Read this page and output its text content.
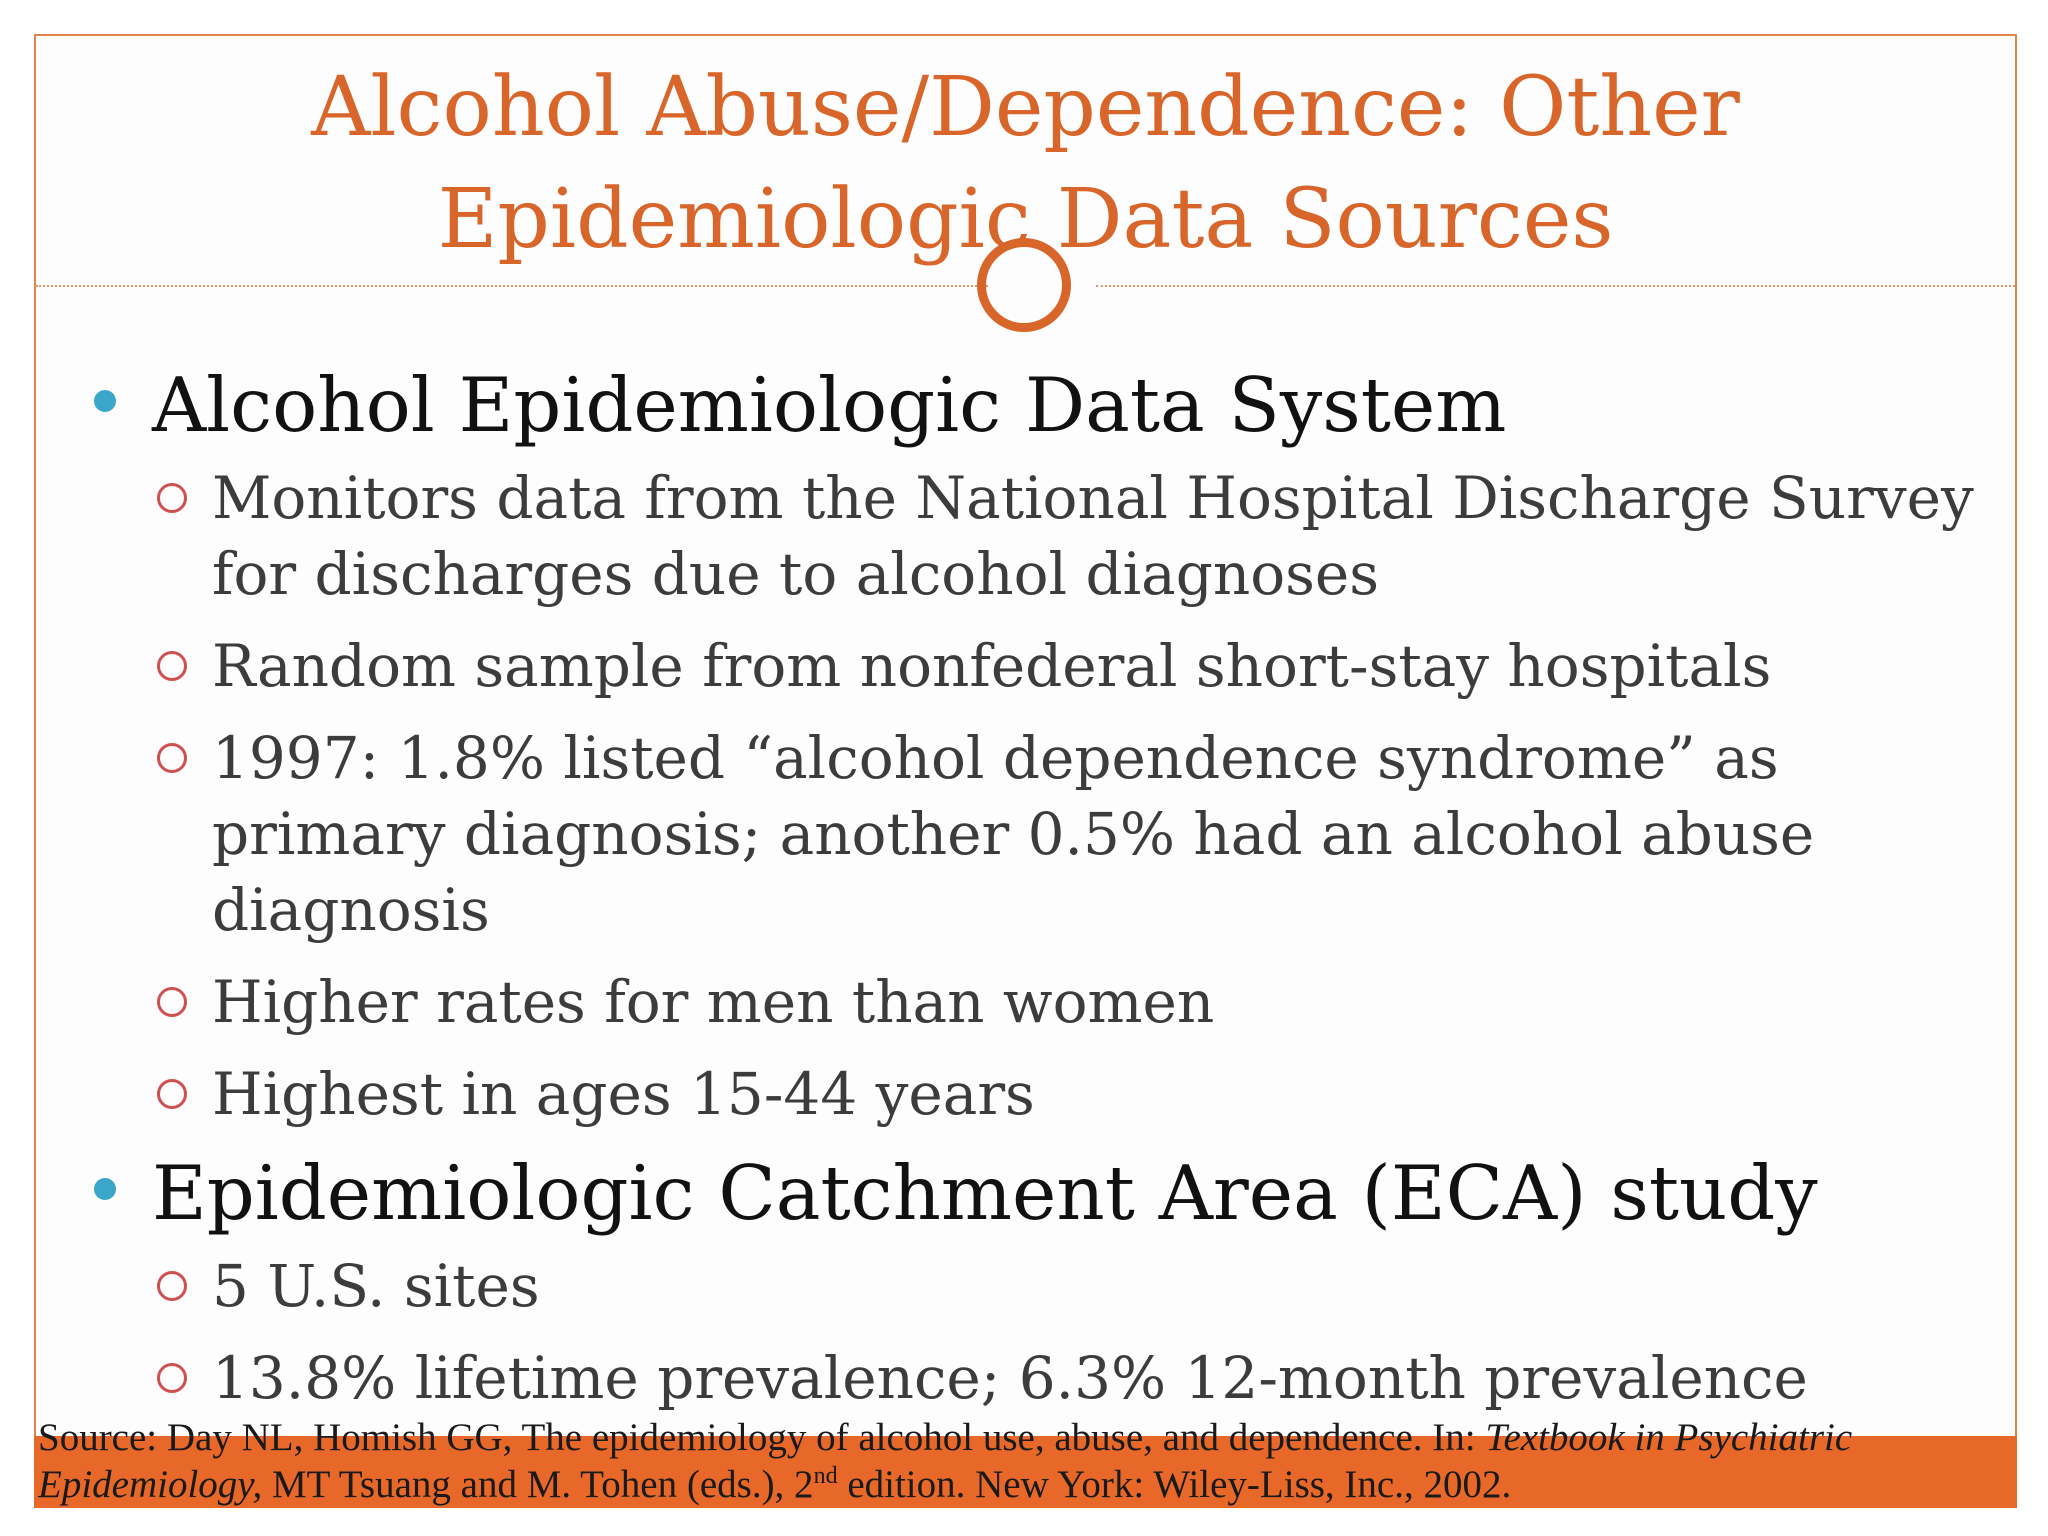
Alcohol Abuse/Dependence: Other
Epidemiologic Data Sources
Alcohol Epidemiologic Data System
Monitors data from the National Hospital Discharge Survey for discharges due to alcohol diagnoses
Random sample from nonfederal short-stay hospitals
1997: 1.8% listed “alcohol dependence syndrome” as primary diagnosis; another 0.5% had an alcohol abuse diagnosis
Higher rates for men than women
Highest in ages 15-44 years
Epidemiologic Catchment Area (ECA) study
5 U.S. sites
13.8% lifetime prevalence; 6.3% 12-month prevalence
Source: Day NL, Homish GG, The epidemiology of alcohol use, abuse, and dependence. In: Textbook in Psychiatric Epidemiology, MT Tsuang and M. Tohen (eds.), 2nd edition. New York: Wiley-Liss, Inc., 2002.
